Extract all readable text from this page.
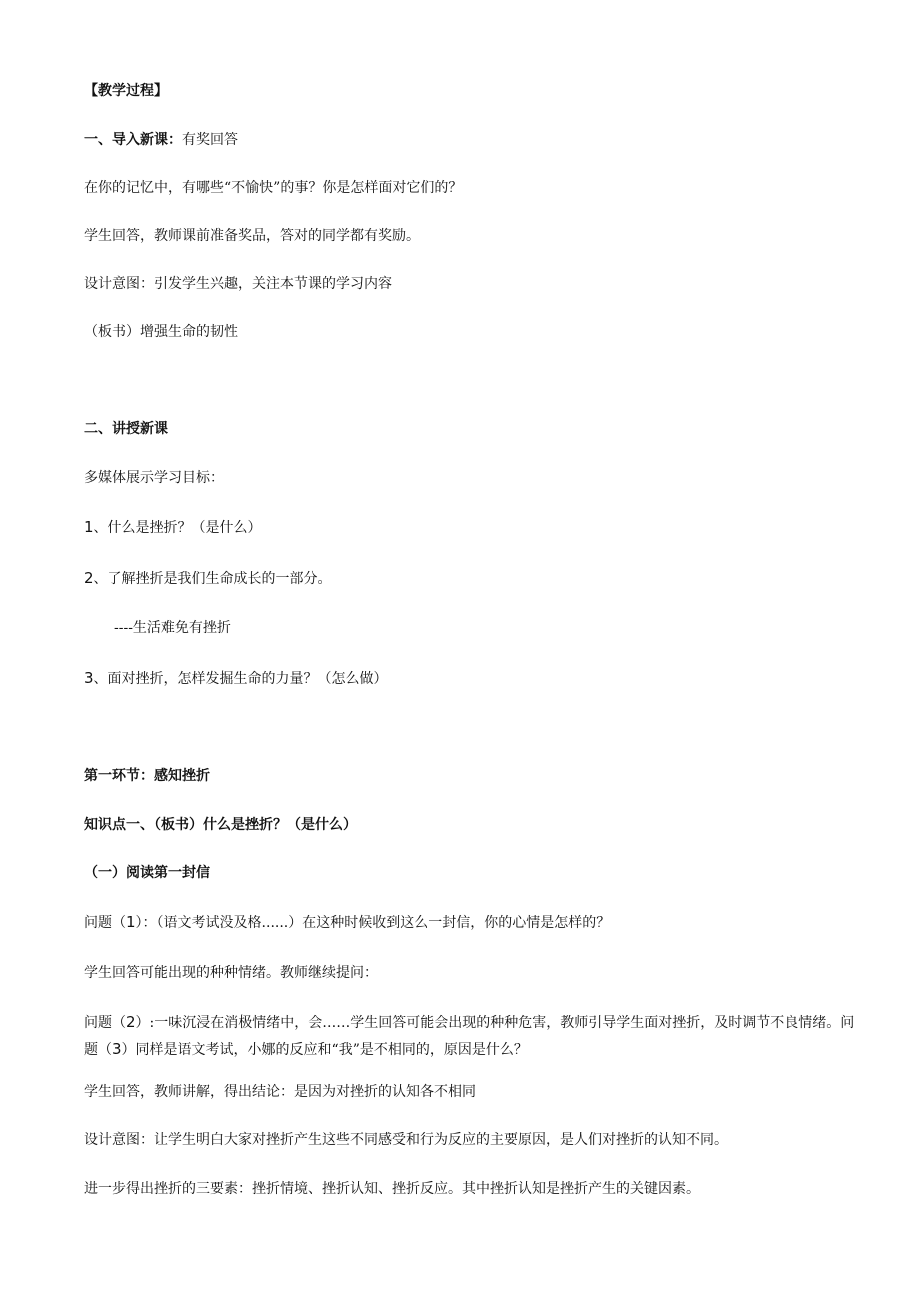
【教学过程】
一、导入新课：有奖回答
在你的记忆中，有哪些“不愉快”的事？你是怎样面对它们的？
学生回答，教师课前准备奖品，答对的同学都有奖励。
设计意图：引发学生兴趣，关注本节课的学习内容
（板书）增强生命的韧性
二、讲授新课
多媒体展示学习目标：
1、什么是挫折？（是什么）
2、了解挫折是我们生命成长的一部分。
----生活难免有挫折
3、面对挫折，怎样发掘生命的力量？（怎么做）
第一环节：感知挫折
知识点一、（板书）什么是挫折？（是什么）
（一）阅读第一封信
问题（1）：（语文考试没及格......）在这种时候收到这么一封信，你的心情是怎样的？
学生回答可能出现的种种情绪。教师继续提问：
问题（2）:一味沉浸在消极情绪中，会……学生回答可能会出现的种种危害，教师引导学生面对挫折，及时调节不良情绪。问题（3）同样是语文考试，小娜的反应和“我”是不相同的，原因是什么？
学生回答，教师讲解，得出结论：是因为对挫折的认知各不相同
设计意图：让学生明白大家对挫折产生这些不同感受和行为反应的主要原因，是人们对挫折的认知不同。
进一步得出挫折的三要素：挫折情境、挫折认知、挫折反应。其中挫折认知是挫折产生的关键因素。
